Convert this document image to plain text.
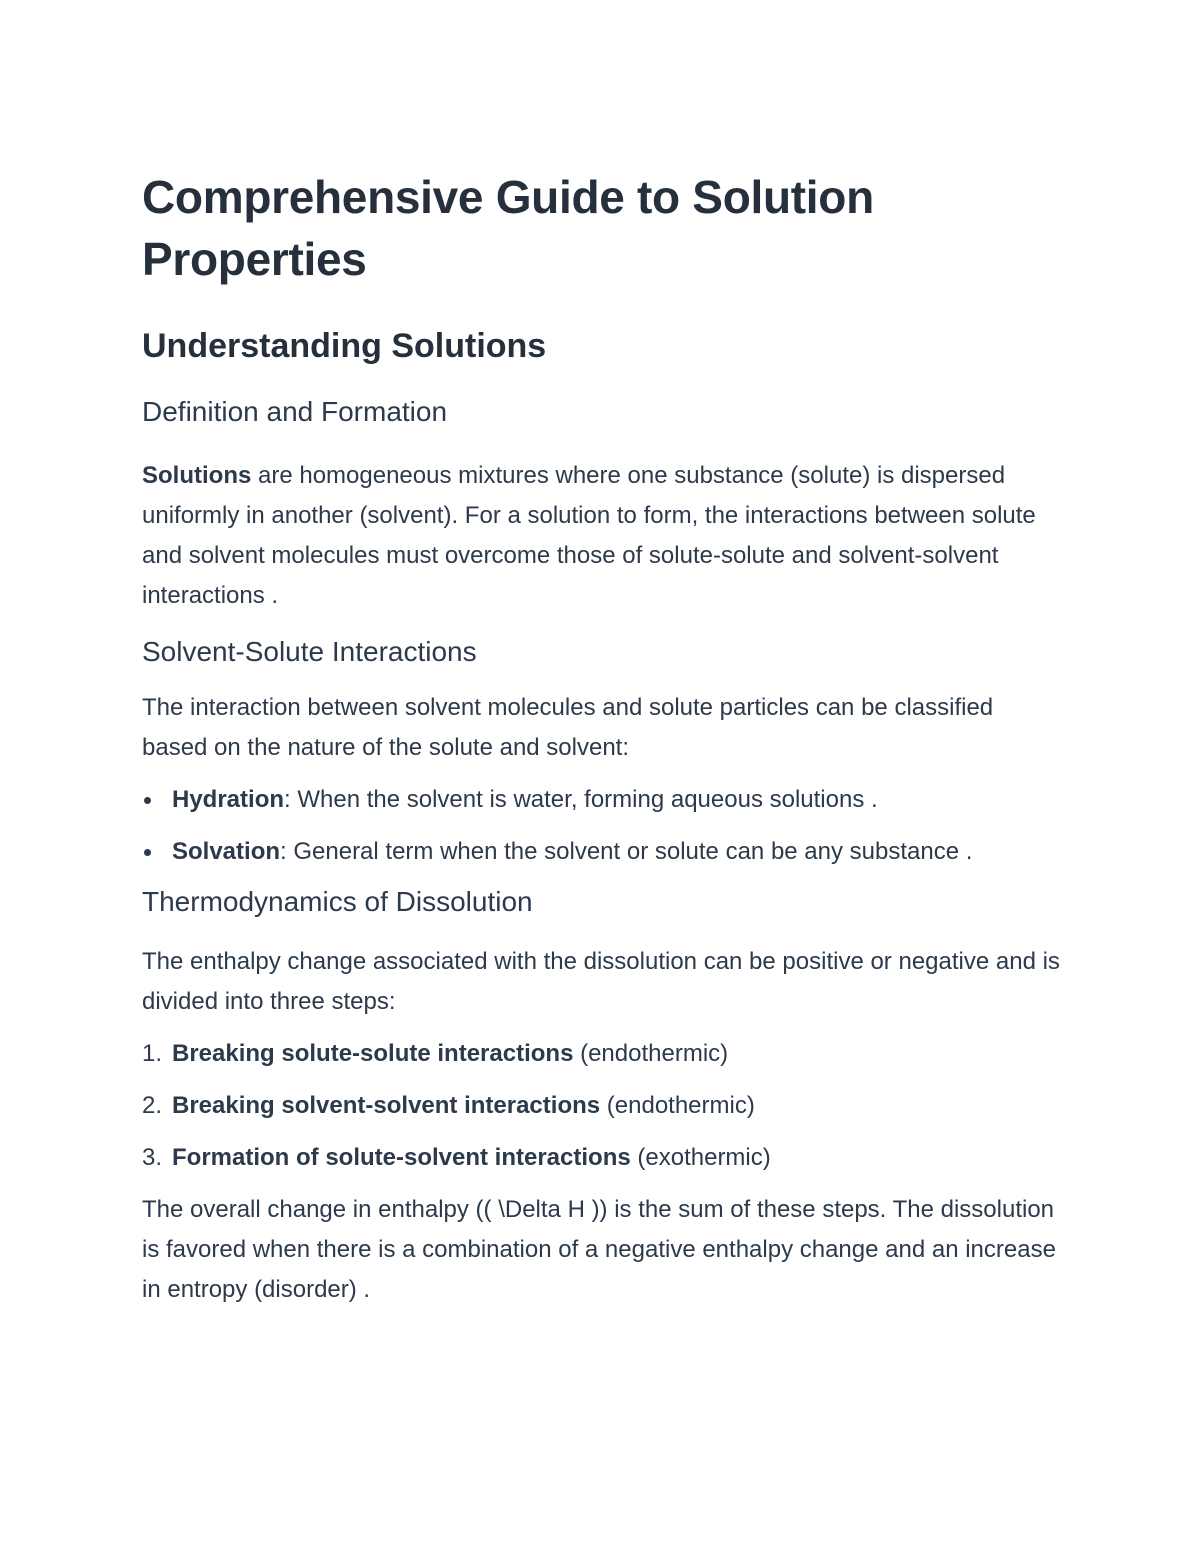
Comprehensive Guide to Solution Properties
Understanding Solutions
Definition and Formation

Solutions are homogeneous mixtures where one substance (solute) is dispersed uniformly in another (solvent). For a solution to form, the interactions between solute and solvent molecules must overcome those of solute-solute and solvent-solvent interactions .

Solvent-Solute Interactions

The interaction between solvent molecules and solute particles can be classified based on the nature of the solute and solvent:

Hydration: When the solvent is water, forming aqueous solutions .
Solvation: General term when the solvent or solute can be any substance .
Thermodynamics of Dissolution

The enthalpy change associated with the dissolution can be positive or negative and is divided into three steps:

1. Breaking solute-solute interactions (endothermic)
2. Breaking solvent-solvent interactions (endothermic)
3. Formation of solute-solvent interactions (exothermic)

The overall change in enthalpy (( \Delta H )) is the sum of these steps. The dissolution is favored when there is a combination of a negative enthalpy change and an increase in entropy (disorder) .
